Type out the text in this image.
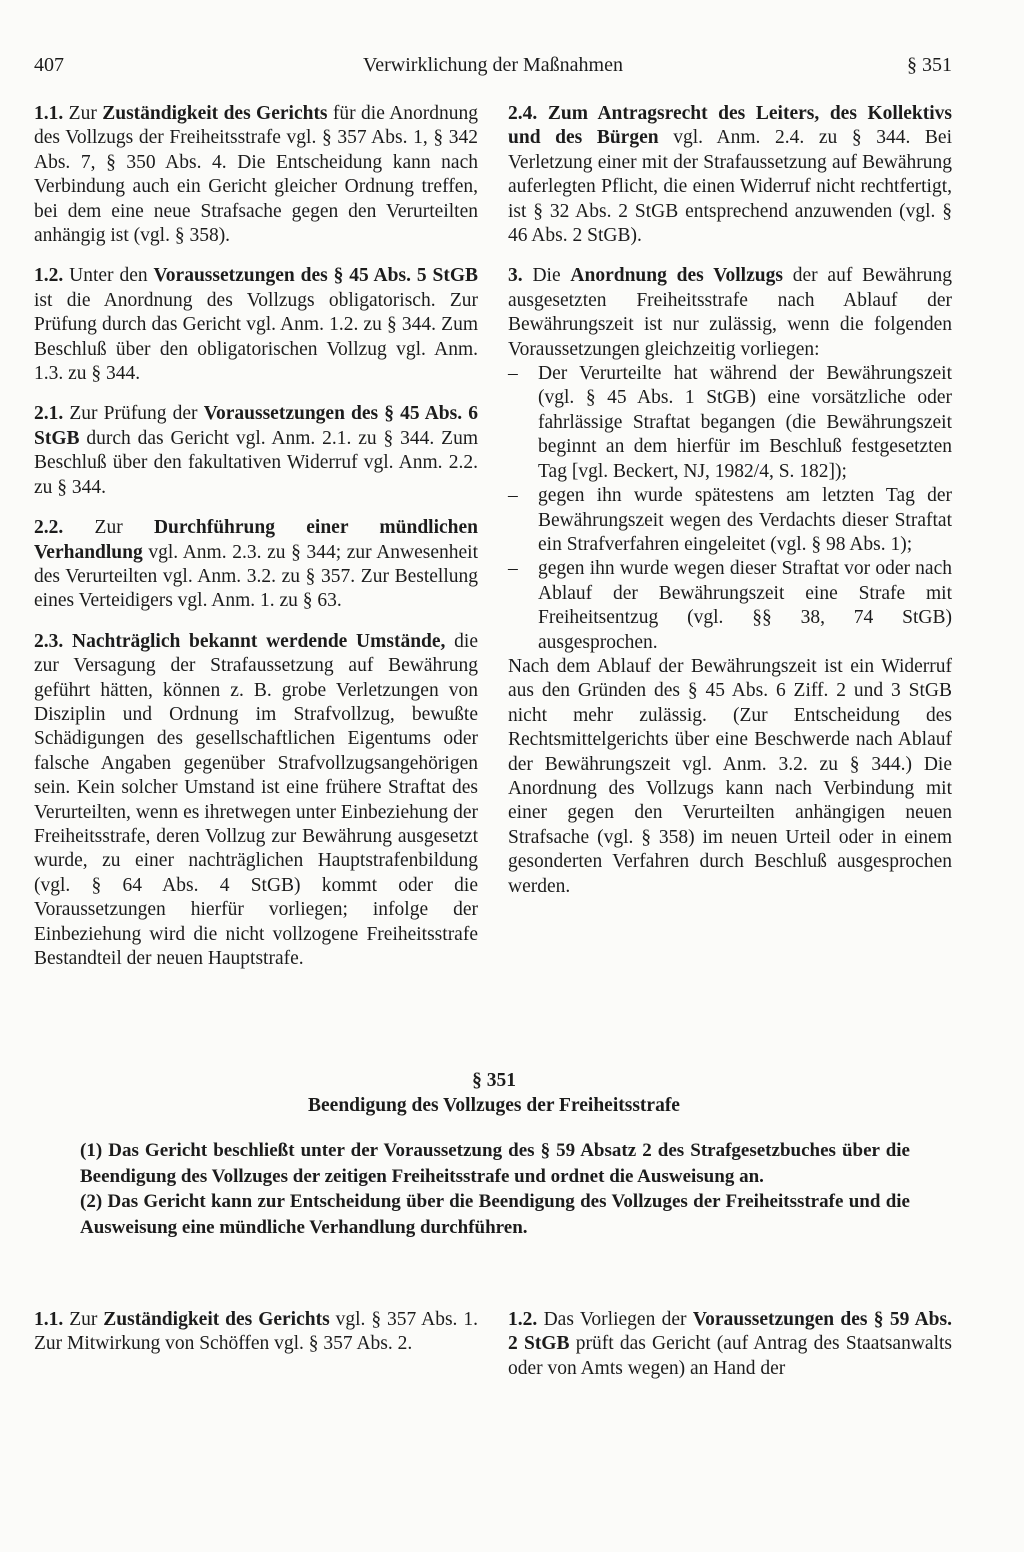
407	Verwirklichung der Maßnahmen	§ 351

1.1. Zur Zuständigkeit des Gerichts für die Anordnung des Vollzugs der Freiheitsstrafe vgl. § 357 Abs. 1, § 342 Abs. 7, § 350 Abs. 4. Die Entscheidung kann nach Verbindung auch ein Gericht gleicher Ordnung treffen, bei dem eine neue Strafsache gegen den Verurteilten anhängig ist (vgl. § 358).

1.2. Unter den Voraussetzungen des § 45 Abs. 5 StGB ist die Anordnung des Vollzugs obligatorisch. Zur Prüfung durch das Gericht vgl. Anm. 1.2. zu § 344. Zum Beschluß über den obligatorischen Vollzug vgl. Anm. 1.3. zu § 344.

2.1. Zur Prüfung der Voraussetzungen des § 45 Abs. 6 StGB durch das Gericht vgl. Anm. 2.1. zu § 344. Zum Beschluß über den fakultativen Widerruf vgl. Anm. 2.2. zu § 344.

2.2. Zur Durchführung einer mündlichen Verhandlung vgl. Anm. 2.3. zu § 344; zur Anwesenheit des Verurteilten vgl. Anm. 3.2. zu § 357. Zur Bestellung eines Verteidigers vgl. Anm. 1. zu § 63.

2.3. Nachträglich bekannt werdende Umstände, die zur Versagung der Strafaussetzung auf Bewährung geführt hätten, können z. B. grobe Verletzungen von Disziplin und Ordnung im Strafvollzug, bewußte Schädigungen des gesellschaftlichen Eigentums oder falsche Angaben gegenüber Strafvollzugsangehörigen sein. Kein solcher Umstand ist eine frühere Straftat des Verurteilten, wenn es ihretwegen unter Einbeziehung der Freiheitsstrafe, deren Vollzug zur Bewährung ausgesetzt wurde, zu einer nachträglichen Hauptstrafenbildung (vgl. § 64 Abs. 4 StGB) kommt oder die Voraussetzungen hierfür vorliegen; infolge der Einbeziehung wird die nicht vollzogene Freiheitsstrafe Bestandteil der neuen Hauptstrafe.

2.4. Zum Antragsrecht des Leiters, des Kollektivs und des Bürgen vgl. Anm. 2.4. zu § 344. Bei Verletzung einer mit der Strafaussetzung auf Bewährung auferlegten Pflicht, die einen Widerruf nicht rechtfertigt, ist § 32 Abs. 2 StGB entsprechend anzuwenden (vgl. § 46 Abs. 2 StGB).

3. Die Anordnung des Vollzugs der auf Bewährung ausgesetzten Freiheitsstrafe nach Ablauf der Bewährungszeit ist nur zulässig, wenn die folgenden Voraussetzungen gleichzeitig vorliegen:

– Der Verurteilte hat während der Bewährungszeit (vgl. § 45 Abs. 1 StGB) eine vorsätzliche oder fahrlässige Straftat begangen (die Bewährungszeit beginnt an dem hierfür im Beschluß festgesetzten Tag [vgl. Beckert, NJ, 1982/4, S. 182]);
– gegen ihn wurde spätestens am letzten Tag der Bewährungszeit wegen des Verdachts dieser Straftat ein Strafverfahren eingeleitet (vgl. § 98 Abs. 1);
– gegen ihn wurde wegen dieser Straftat vor oder nach Ablauf der Bewährungszeit eine Strafe mit Freiheitsentzug (vgl. §§ 38, 74 StGB) ausgesprochen.

Nach dem Ablauf der Bewährungszeit ist ein Widerruf aus den Gründen des § 45 Abs. 6 Ziff. 2 und 3 StGB nicht mehr zulässig. (Zur Entscheidung des Rechtsmittelgerichts über eine Beschwerde nach Ablauf der Bewährungszeit vgl. Anm. 3.2. zu § 344.) Die Anordnung des Vollzugs kann nach Verbindung mit einer gegen den Verurteilten anhängigen neuen Strafsache (vgl. § 358) im neuen Urteil oder in einem gesonderten Verfahren durch Beschluß ausgesprochen werden.

§ 351
Beendigung des Vollzuges der Freiheitsstrafe

(1) Das Gericht beschließt unter der Voraussetzung des § 59 Absatz 2 des Strafgesetzbuches über die Beendigung des Vollzuges der zeitigen Freiheitsstrafe und ordnet die Ausweisung an.

(2) Das Gericht kann zur Entscheidung über die Beendigung des Vollzuges der Freiheitsstrafe und die Ausweisung eine mündliche Verhandlung durchführen.

1.1. Zur Zuständigkeit des Gerichts vgl. § 357 Abs. 1. Zur Mitwirkung von Schöffen vgl. § 357 Abs. 2.

1.2. Das Vorliegen der Voraussetzungen des § 59 Abs. 2 StGB prüft das Gericht (auf Antrag des Staatsanwalts oder von Amts wegen) an Hand der
